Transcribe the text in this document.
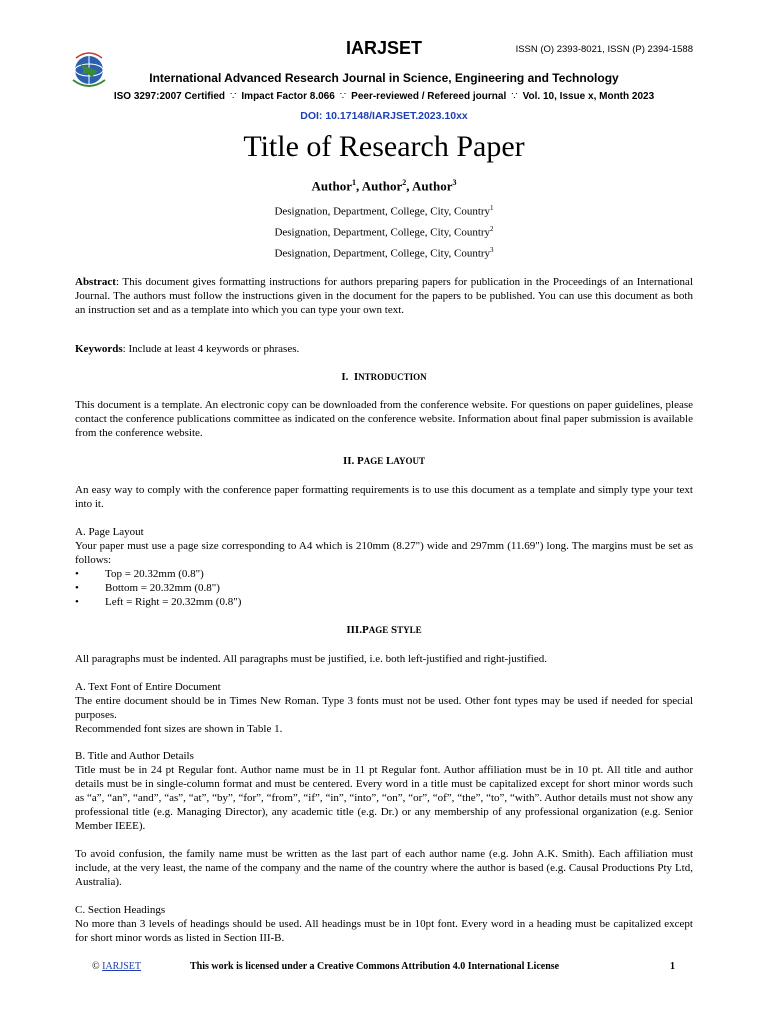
IARJSET	ISSN (O) 2393-8021, ISSN (P) 2394-1588
International Advanced Research Journal in Science, Engineering and Technology
ISO 3297:2007 Certified ∵ Impact Factor 8.066 ∵ Peer-reviewed / Refereed journal ∵ Vol. 10, Issue x, Month 2023
DOI: 10.17148/IARJSET.2023.10xx
Title of Research Paper
Author$^1$, Author$^2$, Author$^3$
Designation, Department, College, City, Country$^1$
Designation, Department, College, City, Country$^2$
Designation, Department, College, City, Country$^3$

Abstract: This document gives formatting instructions for authors preparing papers for publication in the Proceedings of an International Journal. The authors must follow the instructions given in the document for the papers to be published. You can use this document as both an instruction set and as a template into which you can type your own text.

Keywords: Include at least 4 keywords or phrases.

I. INTRODUCTION

This document is a template. An electronic copy can be downloaded from the conference website. For questions on paper guidelines, please contact the conference publications committee as indicated on the conference website. Information about final paper submission is available from the conference website.

II. PAGE LAYOUT

An easy way to comply with the conference paper formatting requirements is to use this document as a template and simply type your text into it.

A. Page Layout

Your paper must use a page size corresponding to A4 which is 210mm (8.27") wide and 297mm (11.69") long. The margins must be set as follows:

• Top = 20.32mm (0.8")
• Bottom = 20.32mm (0.8")
• Left = Right = 20.32mm (0.8")
III.PAGE STYLE

All paragraphs must be indented. All paragraphs must be justified, i.e. both left-justified and right-justified.

A. Text Font of Entire Document

The entire document should be in Times New Roman. Type 3 fonts must not be used. Other font types may be used if needed for special purposes.

Recommended font sizes are shown in Table 1.

B. Title and Author Details

Title must be in 24 pt Regular font. Author name must be in 11 pt Regular font. Author affiliation must be in 10 pt. All title and author details must be in single-column format and must be centered. Every word in a title must be capitalized except for short minor words such as “a”, “an”, “and”, “as”, “at”, “by”, “for”, “from”, “if”, “in”, “into”, “on”, “or”, “of”, “the”, “to”, “with”. Author details must not show any professional title (e.g. Managing Director), any academic title (e.g. Dr.) or any membership of any professional organization (e.g. Senior Member IEEE).

To avoid confusion, the family name must be written as the last part of each author name (e.g. John A.K. Smith). Each affiliation must include, at the very least, the name of the company and the name of the country where the author is based (e.g. Causal Productions Pty Ltd, Australia).

C. Section Headings

No more than 3 levels of headings should be used. All headings must be in 10pt font. Every word in a heading must be capitalized except for short minor words as listed in Section III-B.

© IARJSET	This work is licensed under a Creative Commons Attribution 4.0 International License	1
